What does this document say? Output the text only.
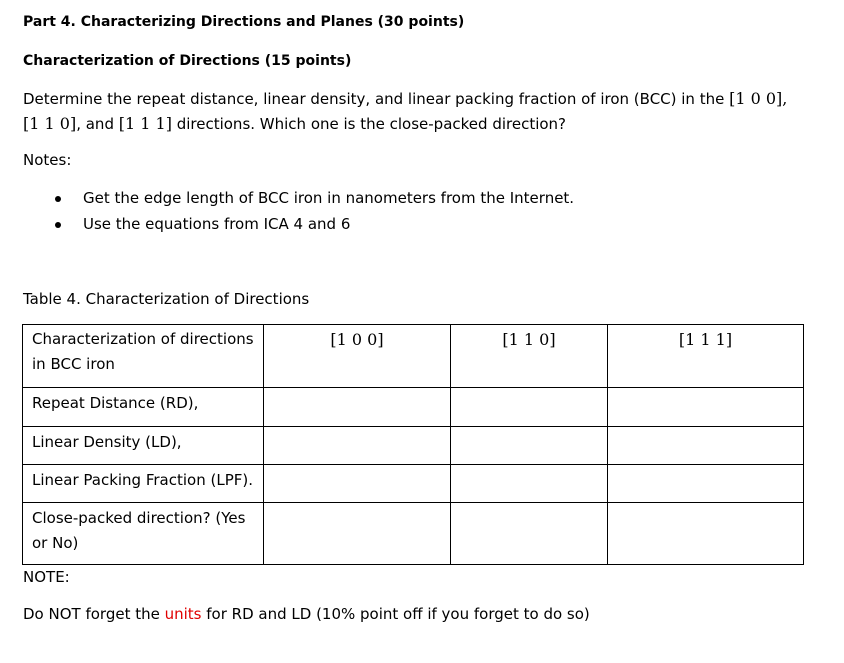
Part 4. Characterizing Directions and Planes (30 points)
Characterization of Directions (15 points)
Determine the repeat distance, linear density, and linear packing fraction of iron (BCC) in the [1 0 0],
[1 1 0], and [1 1 1] directions. Which one is the close-packed direction?
Notes:
Get the edge length of BCC iron in nanometers from the Internet.
Use the equations from ICA 4 and 6
Table 4. Characterization of Directions
Characterization of directions in BCC iron	[1 0 0]	[1 1 0]	[1 1 1]
Repeat Distance (RD),			
Linear Density (LD),			
Linear Packing Fraction (LPF).			
Close-packed direction? (Yes or No)			
NOTE:
Do NOT forget the units for RD and LD (10% point off if you forget to do so)
